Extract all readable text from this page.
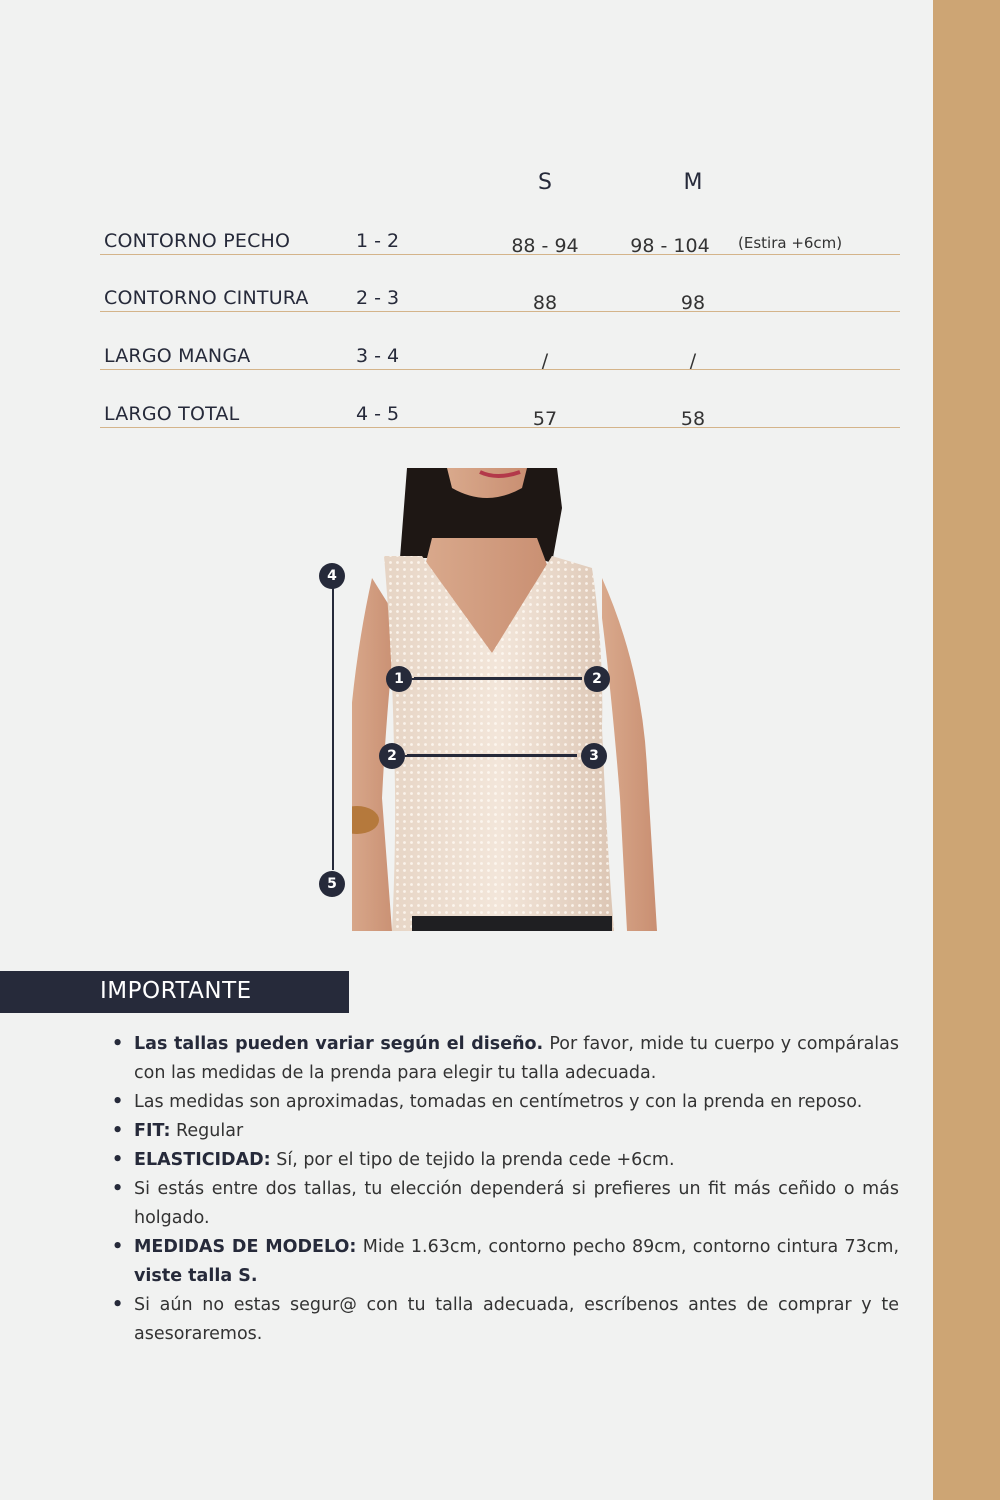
S	M
CONTORNO PECHO	1 - 2	88 - 94	98 - 104	(Estira +6cm)
CONTORNO CINTURA 2 - 3	88	98
LARGO MANGA	3 - 4	/	/
LARGO TOTAL	4 - 5	57	58
4
1	2
2	3
5
IMPORTANTE
• Las tallas pueden variar según el diseño. Por favor, mide tu cuerpo y compáralas con las medidas de la prenda para elegir tu talla adecuada.
• Las medidas son aproximadas, tomadas en centímetros y con la prenda en reposo.
• FIT: Regular
• ELASTICIDAD: Sí, por el tipo de tejido la prenda cede +6cm.
• Si estás entre dos tallas, tu elección dependerá si prefieres un fit más ceñido o más holgado.
• MEDIDAS DE MODELO: Mide 1.63cm, contorno pecho 89cm, contorno cintura 73cm, viste talla S.
• Si aún no estas segur@ con tu talla adecuada, escríbenos antes de comprar y te asesoraremos.
